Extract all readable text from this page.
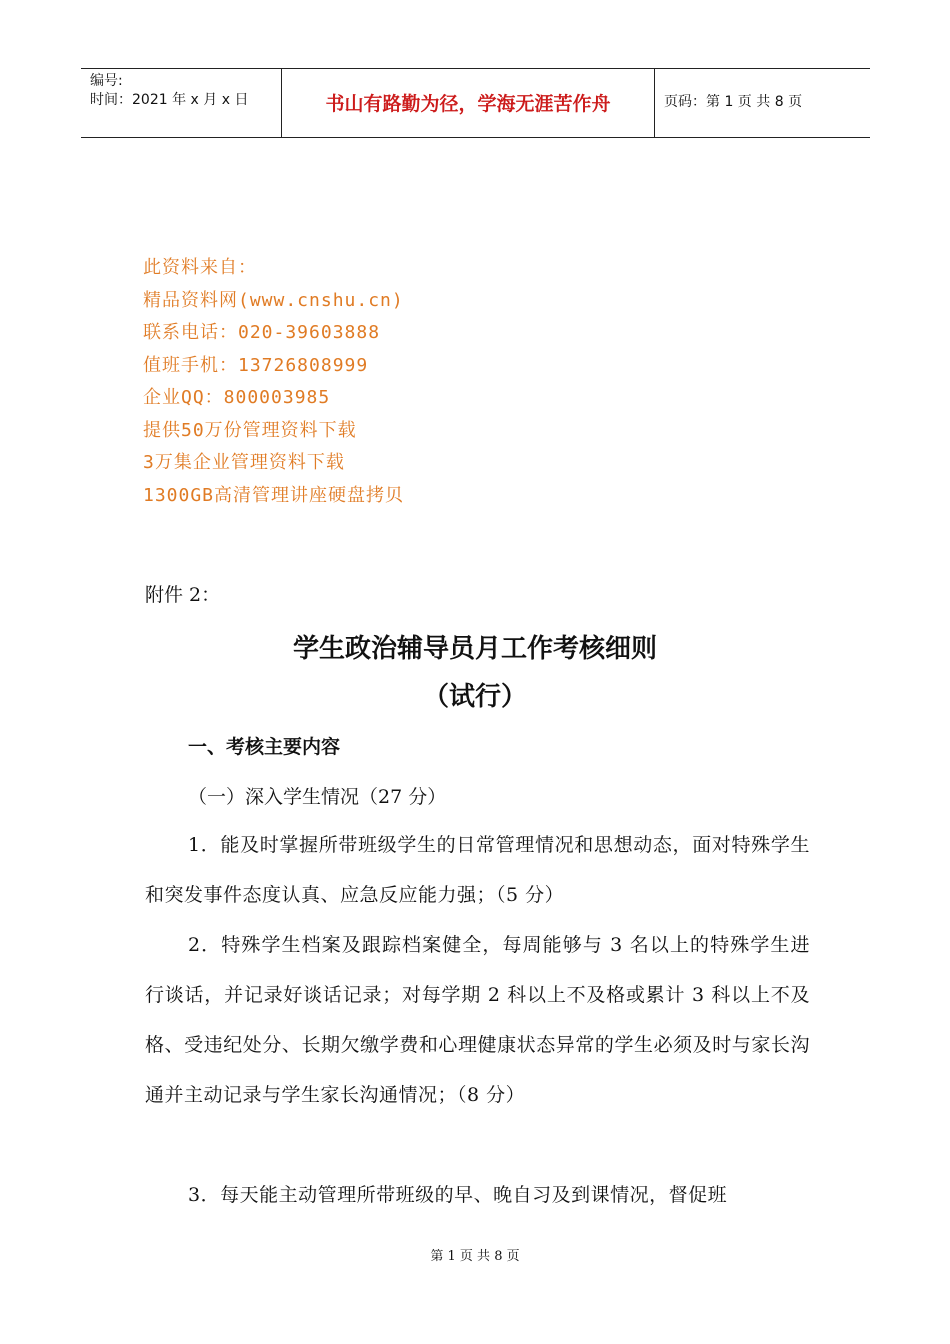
编号:
时间：2021 年 x 月 x 日	书山有路勤为径，学海无涯苦作舟	页码：第 1 页 共 8 页
此资料来自：
精品资料网(www.cnshu.cn)
联系电话：020-39603888
值班手机：13726808999
企业QQ：800003985
提供50万份管理资料下载
3万集企业管理资料下载
1300GB高清管理讲座硬盘拷贝
附件 2：
学生政治辅导员月工作考核细则
（试行）
一、考核主要内容
（一）深入学生情况（27 分）
1．能及时掌握所带班级学生的日常管理情况和思想动态，面对特殊学生和突发事件态度认真、应急反应能力强；（5 分）
2．特殊学生档案及跟踪档案健全，每周能够与 3 名以上的特殊学生进行谈话，并记录好谈话记录；对每学期 2 科以上不及格或累计 3 科以上不及格、受违纪处分、长期欠缴学费和心理健康状态异常的学生必须及时与家长沟通并主动记录与学生家长沟通情况；（8 分）
3．每天能主动管理所带班级的早、晚自习及到课情况，督促班
第 1 页 共 8 页
